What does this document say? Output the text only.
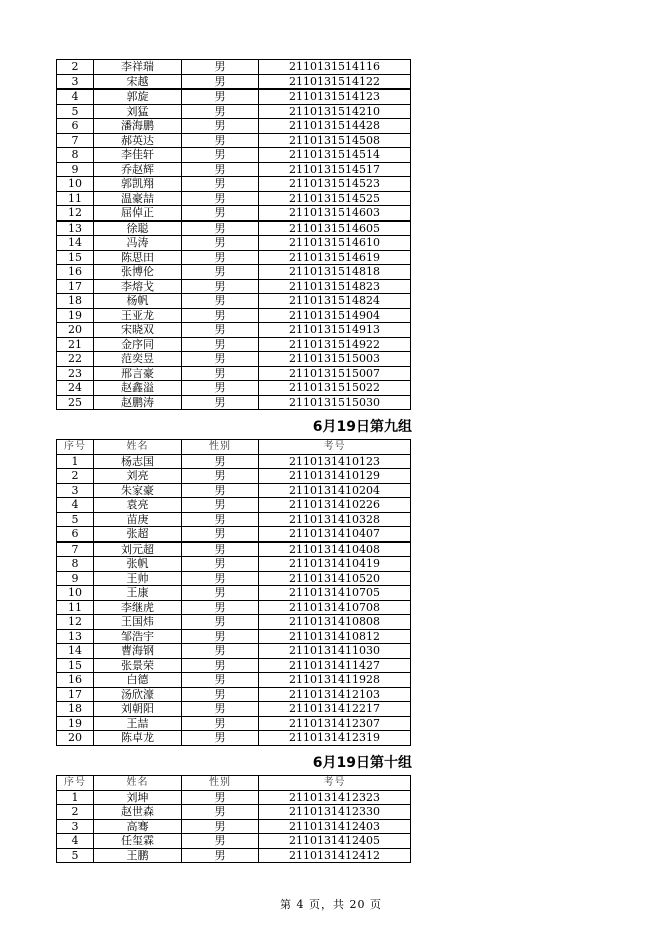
2	李祥瑞	男	2110131514116
3	宋越	男	2110131514122
4	郭旋	男	2110131514123
5	刘猛	男	2110131514210
6	潘海鹏	男	2110131514428
7	郝英达	男	2110131514508
8	李佳轩	男	2110131514514
9	乔赵辉	男	2110131514517
10	郭凯翔	男	2110131514523
11	温豪喆	男	2110131514525
12	屈倬正	男	2110131514603
13	徐聪	男	2110131514605
14	冯涛	男	2110131514610
15	陈思田	男	2110131514619
16	张博伦	男	2110131514818
17	李熔戈	男	2110131514823
18	杨帆	男	2110131514824
19	王亚龙	男	2110131514904
20	宋晓双	男	2110131514913
21	金序同	男	2110131514922
22	范奕昱	男	2110131515003
23	邢言豪	男	2110131515007
24	赵鑫溢	男	2110131515022
25	赵鹏涛	男	2110131515030
6月19日第九组
序号	姓名	性别	考号
1	杨志国	男	2110131410123
2	刘亮	男	2110131410129
3	朱家豪	男	2110131410204
4	袁亮	男	2110131410226
5	苗庚	男	2110131410328
6	张超	男	2110131410407
7	刘元超	男	2110131410408
8	张帆	男	2110131410419
9	王帅	男	2110131410520
10	王康	男	2110131410705
11	李继虎	男	2110131410708
12	王国炜	男	2110131410808
13	邹浩宇	男	2110131410812
14	曹海钢	男	2110131411030
15	张景荣	男	2110131411427
16	白德	男	2110131411928
17	汤欣濠	男	2110131412103
18	刘朝阳	男	2110131412217
19	王喆	男	2110131412307
20	陈卓龙	男	2110131412319
6月19日第十组
序号	姓名	性别	考号
1	刘坤	男	2110131412323
2	赵世森	男	2110131412330
3	高骞	男	2110131412403
4	任玺霖	男	2110131412405
5	王鹏	男	2110131412412
第 4 页，共 20 页
